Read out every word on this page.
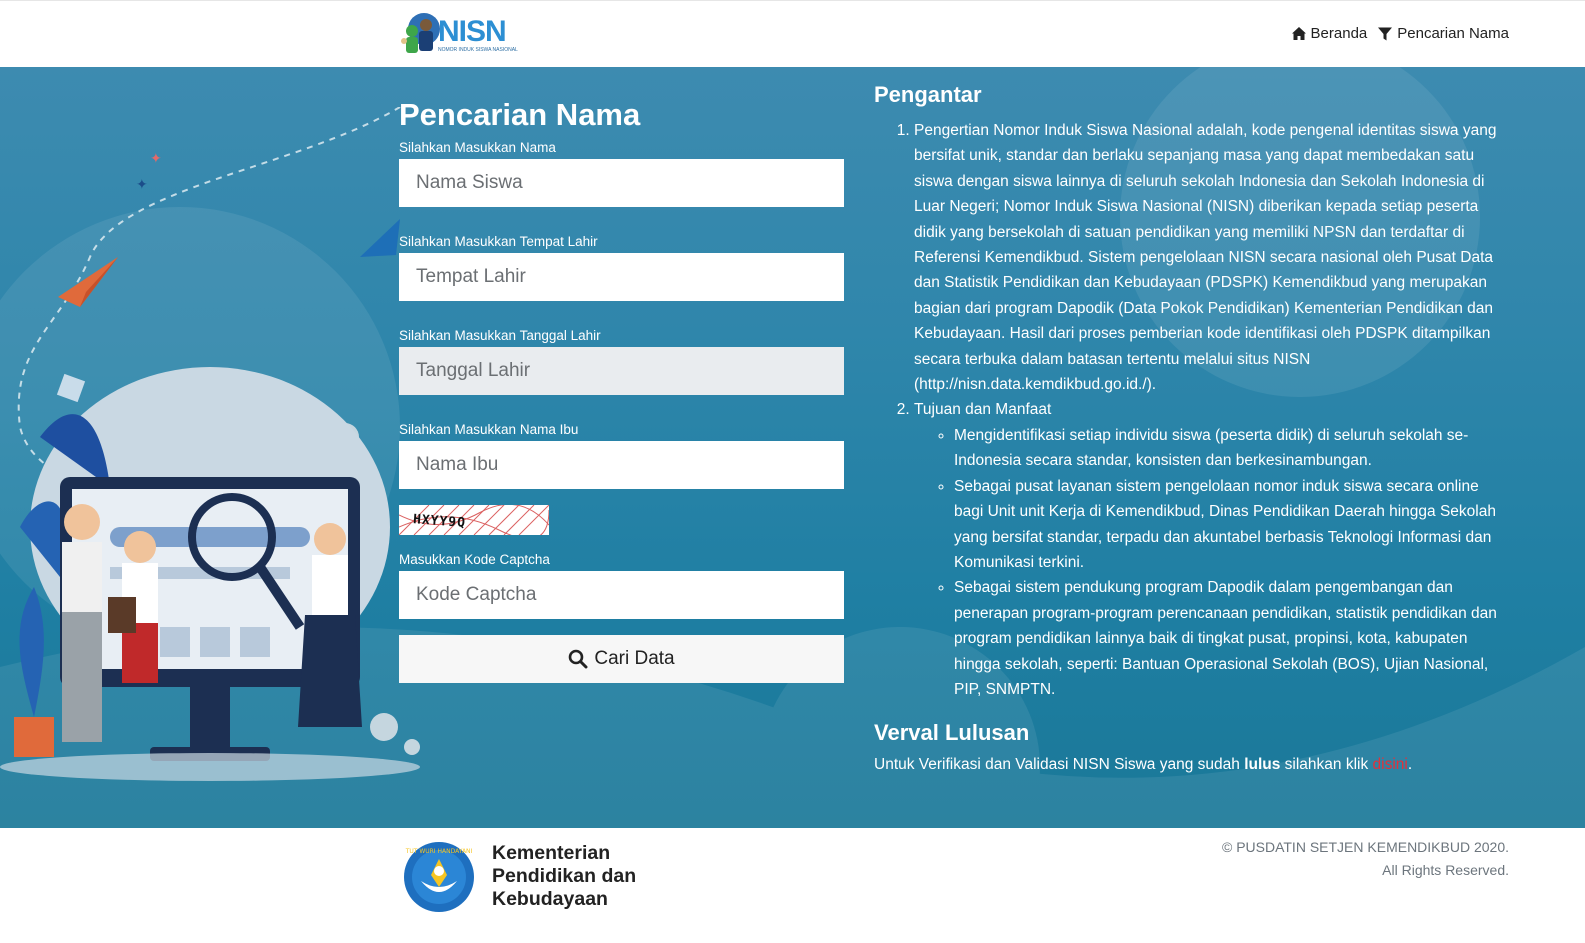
NISN
NOMOR INDUK SISWA NASIONAL
Beranda Pencarian Nama
✦
✦
Pencarian Nama
Silahkan Masukkan Nama
Nama Siswa
Silahkan Masukkan Tempat Lahir
Tempat Lahir
Silahkan Masukkan Tanggal Lahir
Tanggal Lahir
Silahkan Masukkan Nama Ibu
Nama Ibu
HXYY9Q
Masukkan Kode Captcha
Kode Captcha
Cari Data
Pengantar
1. Pengertian Nomor Induk Siswa Nasional adalah, kode pengenal identitas siswa yang bersifat unik, standar dan berlaku sepanjang masa yang dapat membedakan satu siswa dengan siswa lainnya di seluruh sekolah Indonesia dan Sekolah Indonesia di Luar Negeri; Nomor Induk Siswa Nasional (NISN) diberikan kepada setiap peserta didik yang bersekolah di satuan pendidikan yang memiliki NPSN dan terdaftar di Referensi Kemendikbud. Sistem pengelolaan NISN secara nasional oleh Pusat Data dan Statistik Pendidikan dan Kebudayaan (PDSPK) Kemendikbud yang merupakan bagian dari program Dapodik (Data Pokok Pendidikan) Kementerian Pendidikan dan Kebudayaan. Hasil dari proses pemberian kode identifikasi oleh PDSPK ditampilkan secara terbuka dalam batasan tertentu melalui situs NISN (http://nisn.data.kemdikbud.go.id./).
2. Tujuan dan Manfaat
◦ Mengidentifikasi setiap individu siswa (peserta didik) di seluruh sekolah se-Indonesia secara standar, konsisten dan berkesinambungan.
◦ Sebagai pusat layanan sistem pengelolaan nomor induk siswa secara online bagi Unit unit Kerja di Kemendikbud, Dinas Pendidikan Daerah hingga Sekolah yang bersifat standar, terpadu dan akuntabel berbasis Teknologi Informasi dan Komunikasi terkini.
◦ Sebagai sistem pendukung program Dapodik dalam pengembangan dan penerapan program-program perencanaan pendidikan, statistik pendidikan dan program pendidikan lainnya baik di tingkat pusat, propinsi, kota, kabupaten hingga sekolah, seperti: Bantuan Operasional Sekolah (BOS), Ujian Nasional, PIP, SNMPTN.
Verval Lulusan

Untuk Verifikasi dan Validasi NISN Siswa yang sudah lulus silahkan klik disini.

TUT WURI HANDAYANI Kementerian
Pendidikan dan
Kebudayaan
© PUSDATIN SETJEN KEMENDIKBUD 2020.
All Rights Reserved.
